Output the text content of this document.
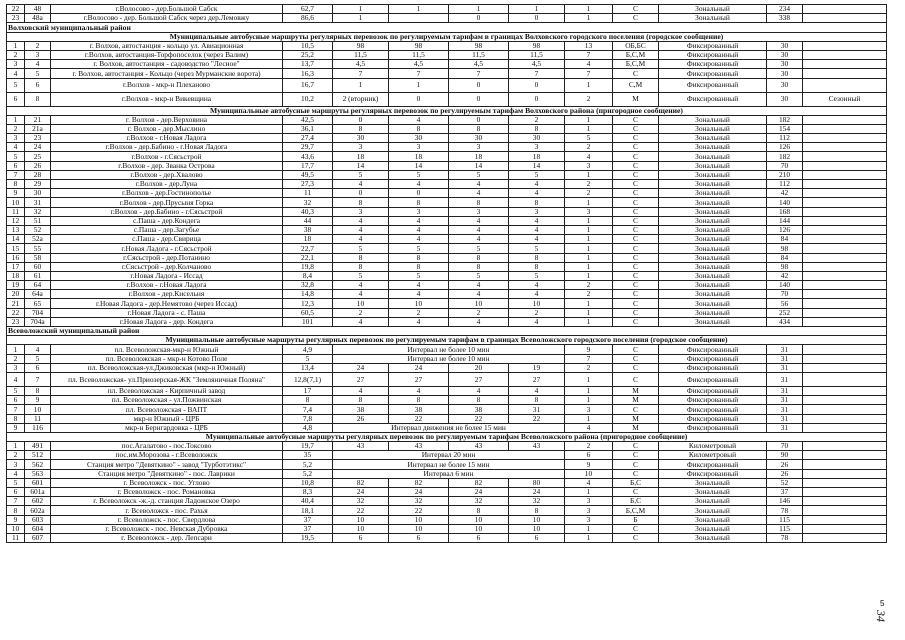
22	48	г.Волосово - дер.Большой Сабск	62,7	1	1	1	1	1	С	Зональный	234	
23	48а	г.Волосово - дер. Большой Сабск через дер.Лемовжу	86,6	1		0	0	1	С	Зональный	338	
Волховский муниципальный район												
Муниципальные автобусные маршруты регулярных перевозок по регулируемым тарифам в границах Волховского городского поселения (городское сообщение)												
1	2	г. Волхов, автостанция - кольцо ул. Авиационная	10,5	98	98	98	98	13	ОБ,БС	Фиксированный	30	
2	3	г.Волхов, автостанция-Торфопоселок (через Валим)	25,2	11,5	11,5	11,5	11,5	7	Б,С,М	Фиксированный	30	
3	4	г. Волхов, автостанция - садоводство "Лесное"	13,7	4,5	4,5	4,5	4,5	4	Б,С,М	Фиксированный	30	
4	5	г. Волхов, автостанция - Кольцо (через Мурманские ворота)	16,3	7	7	7	7	7	С	Фиксированный	30	
5	6	г.Волхов - мкр-н Плеханово	16,7	1	1	0	0	1	С,М	Фиксированный	30	
6	8	г.Волхов - мкр-н Викевщина	10,2	2 (вторник)	0	0	0	2	М	Фиксированный	30	Сезонный
Муниципальные автобусные маршруты регулярных перевозок по регулируемым тарифам Волховского района (пригородное сообщение)												
1	21	г. Волхов - дер.Верховина	42,5	0	4	0	2	1	С	Зональный	182	
2	21а	г. Волхов - дер.Мыслино	36,1	8	8	8	8	1	С	Зональный	154	
3	23	г.Волхов - г.Новая Ладога	27,4	30	30	30	30	5	С	Зональный	112	
4	24	г.Волхов - дер.Бабино - г.Новая Ладога	29,7	3	3	3	3	2	С	Зональный	126	
5	25	г.Волхов - г.Сясьстрой	43,6	18	18	18	18	4	С	Зональный	182	
6	26	г.Волхов - дер. Званка Острова	17,7	14	14	14	14	3	С	Зональный	70	
7	28	г.Волхов - дер.Хвалово	49,5	5	5	5	5	1	С	Зональный	210	
8	29	г.Волхов - дер.Луна	27,3	4	4	4	4	2	С	Зональный	112	
9	30	г.Волхов - дер.Гостинополье	11	0	0	4	4	2	С	Зональный	42	
10	31	г.Волхов - дер.Прусыня Горка	32	8	8	8	8	1	С	Зональный	140	
11	32	г.Волхов - дер.Бабино - г.Сясьстрой	40,3	3	3	3	3	3	С	Зональный	168	
12	51	с.Паша - дер.Кондега	44	4	4	4	4	1	С	Зональный	144	
13	52	с.Паша - дер.Загубье	38	4	4	4	4	1	С	Зональный	126	
14	52а	с.Паша - дер.Свирица	18	4	4	4	4	1	С	Зональный	84	
15	55	г.Новая Ладога - г.Сясьстрой	22,7	5	5	5	5	1	С	Зональный	98	
16	58	г.Сясьстрой - дер.Потанино	22,1	8	8	8	8	1	С	Зональный	84	
17	60	г.Сясьстрой - дер.Колчаново	19,8	8	8	8	8	1	С	Зональный	98	
18	61	г.Новая Ладога - Иссад	8,4	5	5	5	5	1	С	Зональный	42	
19	64	г.Волхов - г.Новая Ладога	32,8	4	4	4	4	2	С	Зональный	140	
20	64а	г.Волхов - дер.Кисельня	14,8	4	4	4	4	2	С	Зональный	70	
21	65	г.Новая Ладога - дер.Немятово (через Иссад)	12,3	10	10	10	10	1	С	Зональный	56	
22	704	г.Новая Ладога - с. Паша	60,5	2	2	2	2	1	С	Зональный	252	
23	704а	г.Новая Ладога - дер. Кондега	101	4	4	4	4	1	С	Зональный	434	
Всеволожский муниципальный район												
Муниципальные автобусные маршруты регулярных перевозок по регулируемым тарифам в границах Всеволожского городского поселения (городское сообщение)												
1	4	пл. Всеволожская-мкр-н Южный	4,9	Интервал не более 10 мин				9	С	Фиксированный	31	
2	5	пл. Всеволожская - мкр-н Котово Поле	5	Интервал не более 10 мин				7	С	Фиксированный	31	
3	6	пл. Всеволожская-ул.Джиковская (мкр-н Южный)	13,4	24	24	20	19	2	С	Фиксированный	31	
4	7	пл. Всеволожская- ул.Приозерская-ЖК "Земляничная Поляна"	12,8(7,1)	27	27	27	27	1	С	Фиксированный	31	
5	8	пл. Всеволожская - Кирпичный завод	17	4	4	4	4	1	М	Фиксированный	31	
6	9	пл. Всеволожская - ул.Пожвинская	8	8	8	8	8	1	М	Фиксированный	31	
7	10	пл. Всеволожская - ВАПТ	7,4	38	38	38	31	3	С	Фиксированный	31	
8	11	мкр-н Южный - ЦРБ	7,8	26	22	22	22	1	М	Фиксированный	31	
9	116	мкр-н Бернгардовка - ЦРБ	4,8	Интервал движения не более 15 мин				4	М	Фиксированный	31	
Муниципальные автобусные маршруты регулярных перевозок по регулируемым тарифам Всеволожского района (пригородное сообщение)												
1	491	пос.Агалатово - пос.Токсово	19,7	43	43	43	43	2	С	Километровый	70	
2	512	пос.им.Морозова - г.Всеволожск	35	Интервал 20 мин				6	С	Километровый	90	
3	562	Станция метро "Девяткино" - завод "Турботэтикс"	5,2	Интервал не более 15 мин				9	С	Фиксированный	26	
4	563	Станция метро "Девяткино" - пос. Лаврики	5,2	Интервал 6 мин				10	С	Фиксированный	26	
5	601	г. Всеволожск - пос. Углово	10,8	82	82	82	80	4	Б,С	Зональный	52	
6	601а	г. Всеволожск - пос. Романовка	8,3	24	24	24	24	1	С	Зональный	37	
7	602	г. Всеволожск -ж.-д. станция Ладожское Озеро	40,4	32	32	32	32	3	Б,С	Зональный	146	
8	602а	г. Всеволожск - пос. Рахья	18,1	22	22	8	8	3	Б,С,М	Зональный	78	
9	603	г. Всеволожск - пос. Свердлова	37	10	10	10	10	3	Б	Зональный	115	
10	604	г. Всеволожск - пос. Невская Дубровка	37	10	10	10	10	1	С	Зональный	115	
11	607	г. Всеволожск - дер. Лепсари	19,5	6	6	6	6	1	С	Зональный	78	
5
34
